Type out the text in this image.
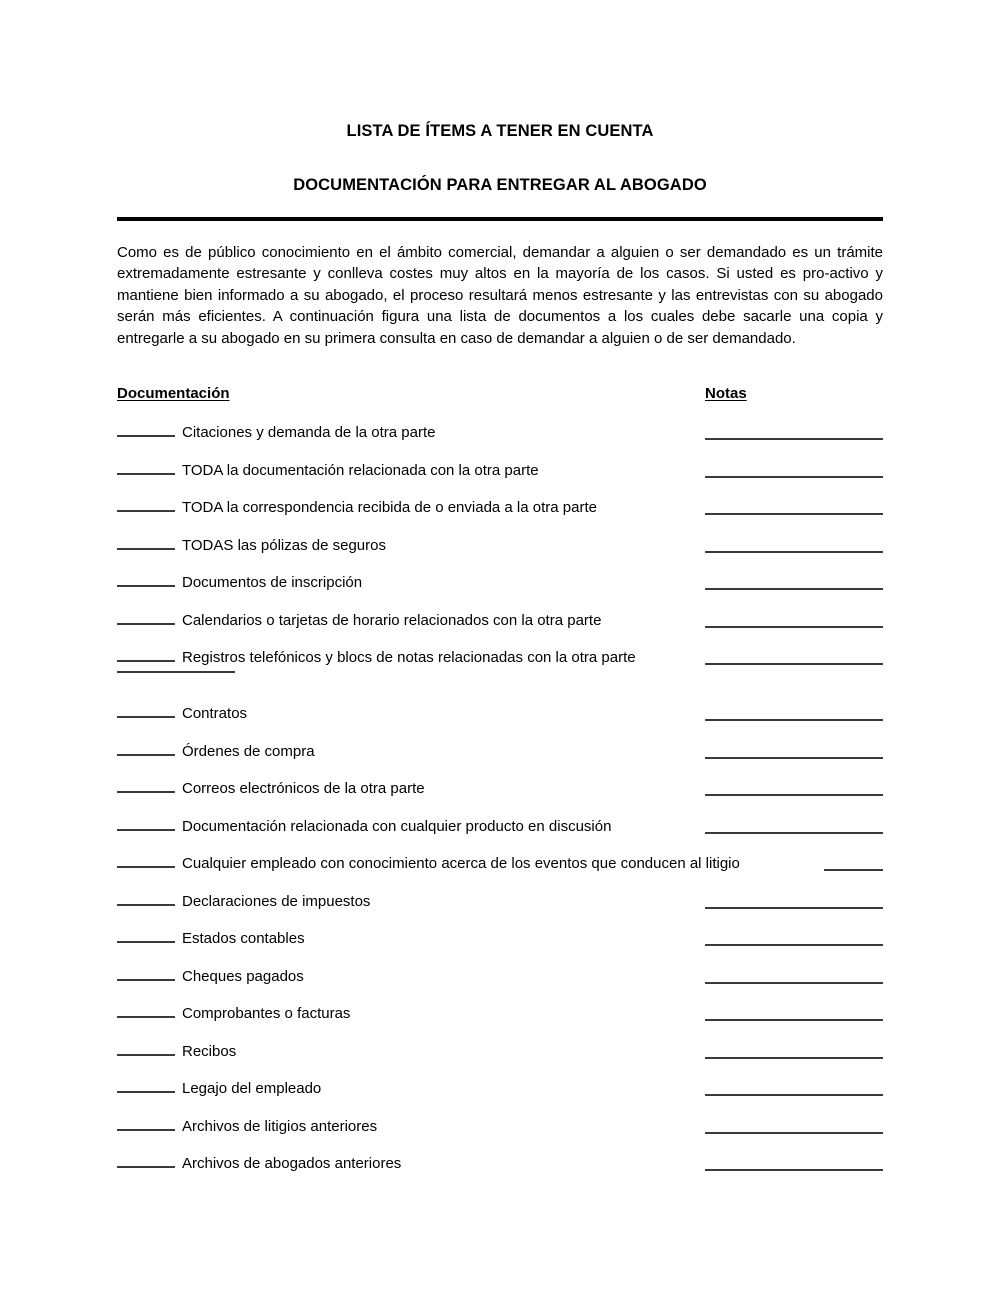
LISTA DE ÍTEMS A TENER EN CUENTA
DOCUMENTACIÓN PARA ENTREGAR AL ABOGADO

Como es de público conocimiento en el ámbito comercial, demandar a alguien o ser demandado es un trámite extremadamente estresante y conlleva costes muy altos en la mayoría de los casos. Si usted es pro-activo y mantiene bien informado a su abogado, el proceso resultará menos estresante y las entrevistas con su abogado serán más eficientes. A continuación figura una lista de documentos a los cuales debe sacarle una copia y entregarle a su abogado en su primera consulta en caso de demandar a alguien o de ser demandado.

Documentación	Notas
Citaciones y demanda de la otra parte
TODA la documentación relacionada con la otra parte
TODA la correspondencia recibida de o enviada a la otra parte
TODAS las pólizas de seguros
Documentos de inscripción
Calendarios o tarjetas de horario relacionados con la otra parte
Registros telefónicos y blocs de notas relacionadas con la otra parte
Contratos
Órdenes de compra
Correos electrónicos de la otra parte
Documentación relacionada con cualquier producto en discusión
Cualquier empleado con conocimiento acerca de los eventos que conducen al litigio
Declaraciones de impuestos
Estados contables
Cheques pagados
Comprobantes o facturas
Recibos
Legajo del empleado
Archivos de litigios anteriores
Archivos de abogados anteriores
